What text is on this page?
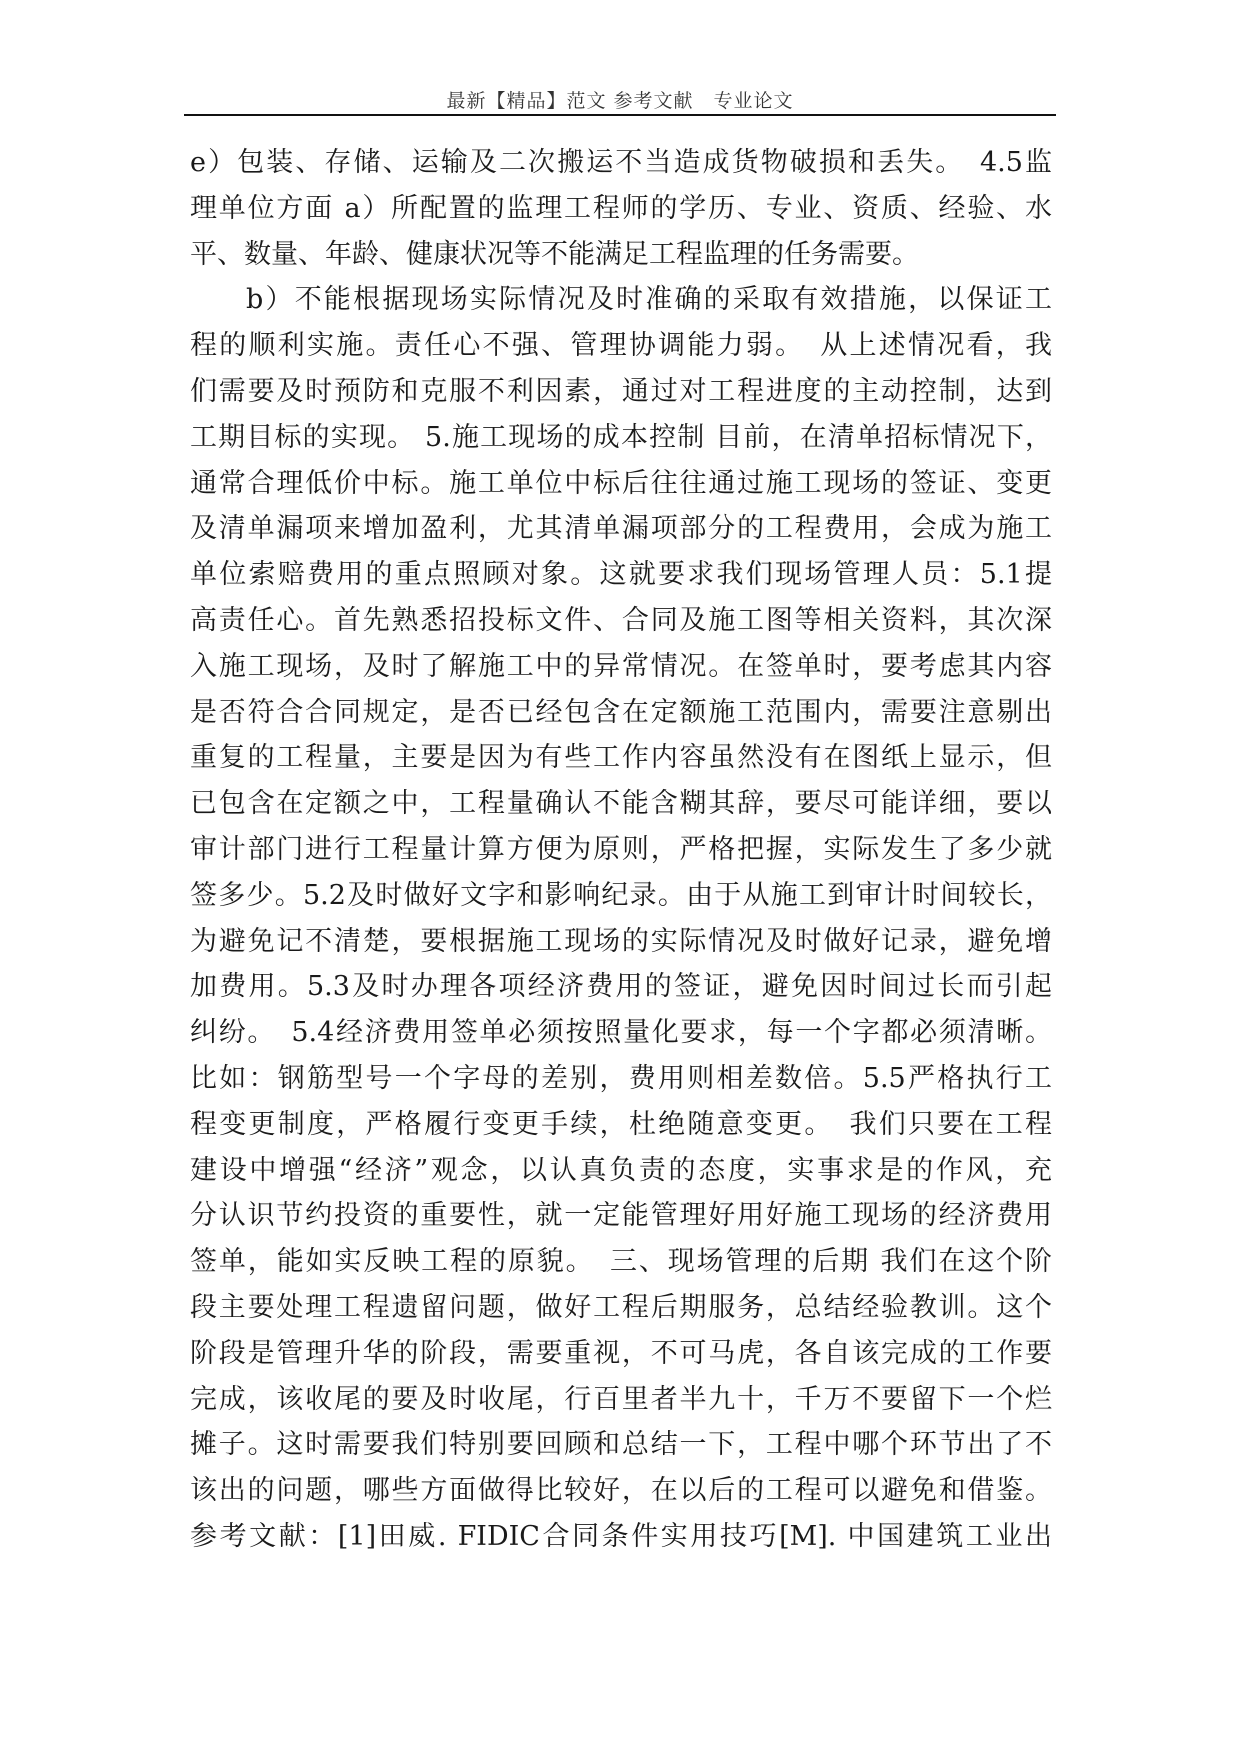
最新【精品】范文 参考文献　专业论文
e）包装、存储、运输及二次搬运不当造成货物破损和丢失。　4.5监
理单位方面 a）所配置的监理工程师的学历、专业、资质、经验、水
平、数量、年龄、健康状况等不能满足工程监理的任务需要。
b）不能根据现场实际情况及时准确的采取有效措施，以保证工
程的顺利实施。责任心不强、管理协调能力弱。　从上述情况看，我
们需要及时预防和克服不利因素，通过对工程进度的主动控制，达到
工期目标的实现。 5.施工现场的成本控制 目前，在清单招标情况下，
通常合理低价中标。施工单位中标后往往通过施工现场的签证、变更
及清单漏项来增加盈利，尤其清单漏项部分的工程费用，会成为施工
单位索赔费用的重点照顾对象。这就要求我们现场管理人员：5.1提
高责任心。首先熟悉招投标文件、合同及施工图等相关资料，其次深
入施工现场，及时了解施工中的异常情况。在签单时，要考虑其内容
是否符合合同规定，是否已经包含在定额施工范围内，需要注意剔出
重复的工程量，主要是因为有些工作内容虽然没有在图纸上显示，但
已包含在定额之中，工程量确认不能含糊其辞，要尽可能详细，要以
审计部门进行工程量计算方便为原则，严格把握，实际发生了多少就
签多少。5.2及时做好文字和影响纪录。由于从施工到审计时间较长，
为避免记不清楚，要根据施工现场的实际情况及时做好记录，避免增
加费用。5.3及时办理各项经济费用的签证，避免因时间过长而引起
纠纷。　5.4经济费用签单必须按照量化要求，每一个字都必须清晰。
比如：钢筋型号一个字母的差别，费用则相差数倍。5.5严格执行工
程变更制度，严格履行变更手续，杜绝随意变更。　我们只要在工程
建设中增强“经济”观念，以认真负责的态度，实事求是的作风，充
分认识节约投资的重要性，就一定能管理好用好施工现场的经济费用
签单，能如实反映工程的原貌。　三、现场管理的后期 我们在这个阶
段主要处理工程遗留问题，做好工程后期服务，总结经验教训。这个
阶段是管理升华的阶段，需要重视，不可马虎，各自该完成的工作要
完成，该收尾的要及时收尾，行百里者半九十，千万不要留下一个烂
摊子。这时需要我们特别要回顾和总结一下，工程中哪个环节出了不
该出的问题，哪些方面做得比较好，在以后的工程可以避免和借鉴。
参考文献：[1]田威. FIDIC合同条件实用技巧[M]. 中国建筑工业出
